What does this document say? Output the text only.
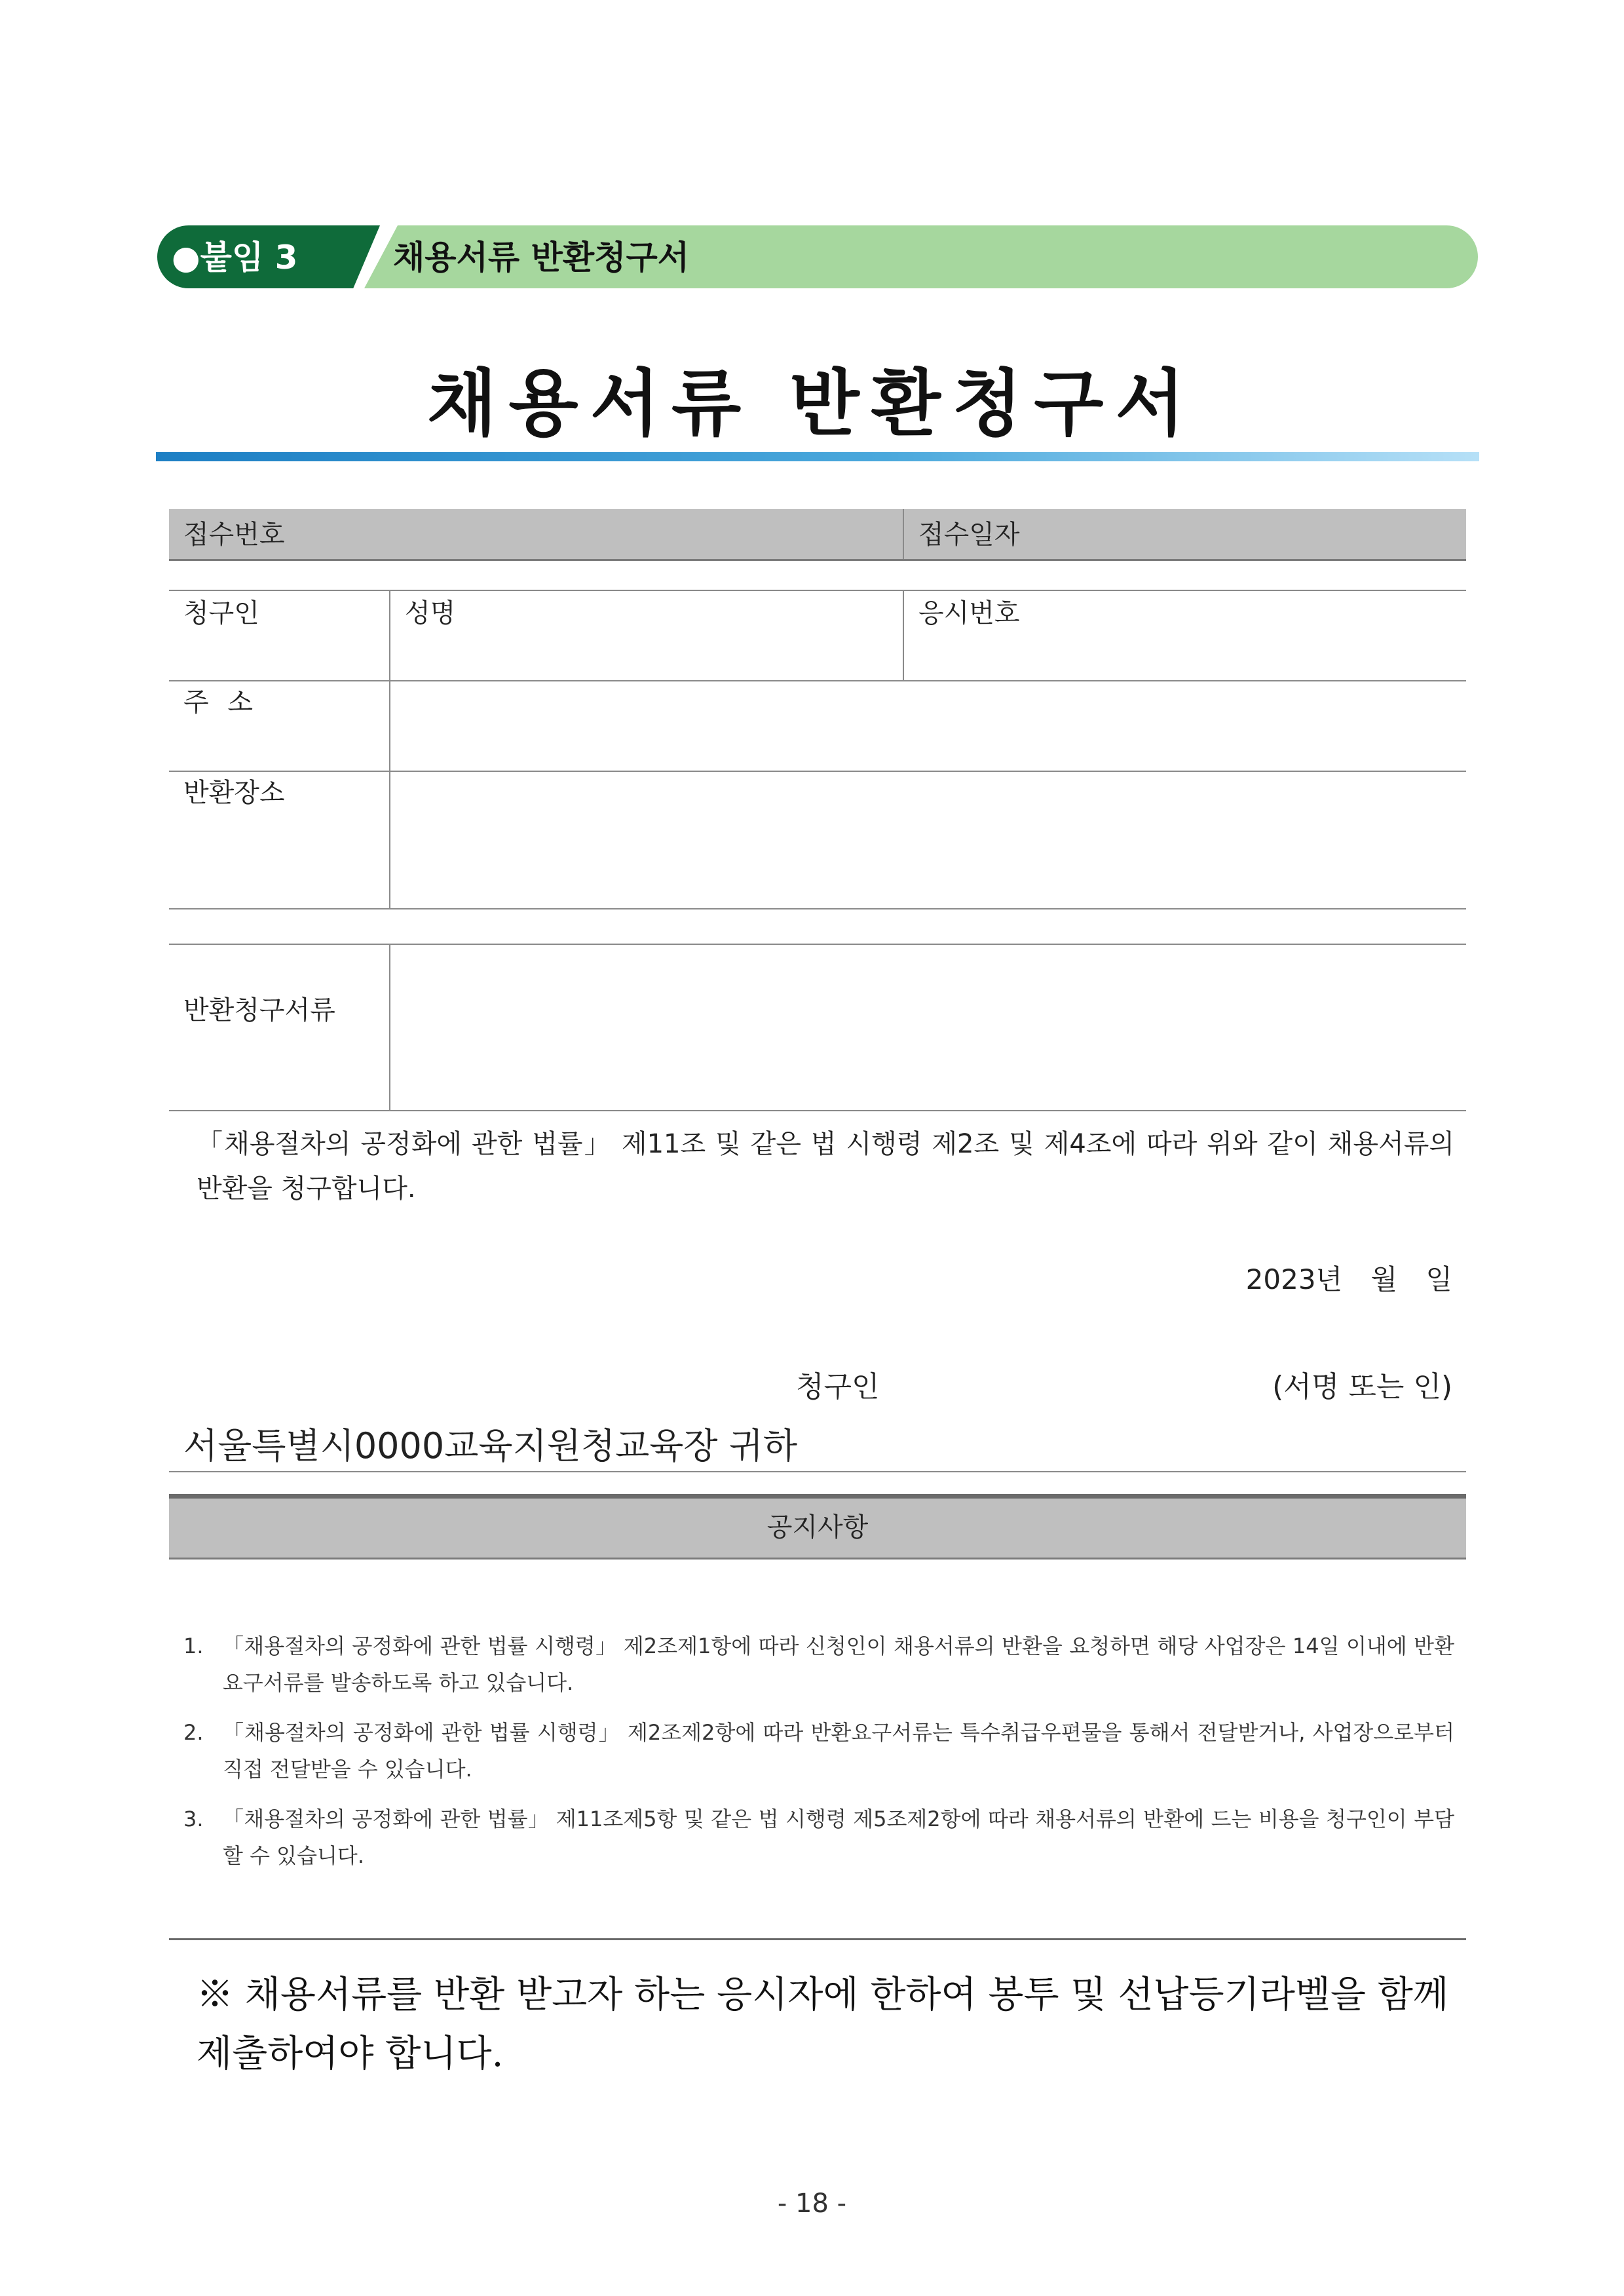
●붙임 3	채용서류 반환청구서
채용서류 반환청구서
접수번호	접수일자
청구인	성명	응시번호
주 소
반환장소
반환청구서류
「채용절차의 공정화에 관한 법률」 제11조 및 같은 법 시행령 제2조 및 제4조에 따라 위와 같이 채용서류의 반환을 청구합니다.
2023년 월 일
청구인	(서명 또는 인)
서울특별시0000교육지원청교육장 귀하
공지사항
1. 「채용절차의 공정화에 관한 법률 시행령」 제2조제1항에 따라 신청인이 채용서류의 반환을 요청하면 해당 사업장은 14일 이내에 반환요구서류를 발송하도록 하고 있습니다.
2. 「채용절차의 공정화에 관한 법률 시행령」 제2조제2항에 따라 반환요구서류는 특수취급우편물을 통해서 전달받거나, 사업장으로부터 직접 전달받을 수 있습니다.
3. 「채용절차의 공정화에 관한 법률」 제11조제5항 및 같은 법 시행령 제5조제2항에 따라 채용서류의 반환에 드는 비용을 청구인이 부담할 수 있습니다.
※ 채용서류를 반환 받고자 하는 응시자에 한하여 봉투 및 선납등기라벨을 함께 제출하여야 합니다.
- 18 -
